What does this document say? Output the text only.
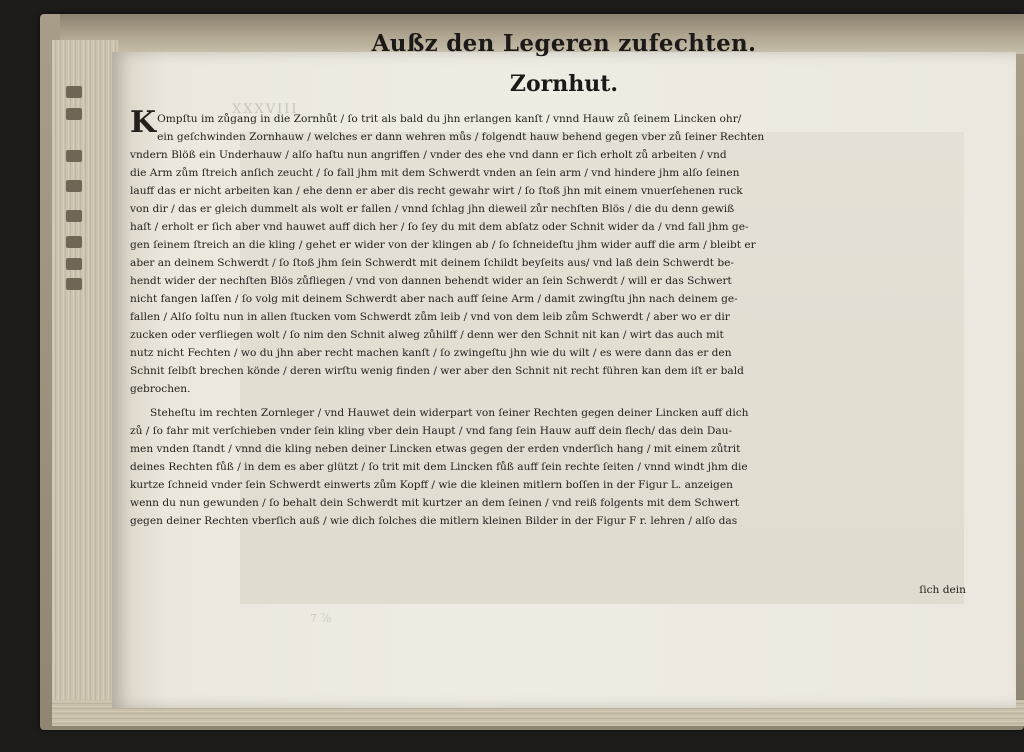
XXXVIII
7 ⅞
Außz den Legeren zufechten.
Zornhut.
K Ompſtu im zůgang in die Zornhůt / ſo trit als bald du jhn erlangen kanſt / vnnd Hauw zů ſeinem Lincken ohr/
ein geſchwinden Zornhauw / welches er dann wehren můs / folgendt hauw behend gegen vber zů ſeiner Rechten
vndern Blöß ein Underhauw / alſo haſtu nun angriffen / vnder des ehe vnd dann er ſich erholt zů arbeiten / vnd
die Arm zům ſtreich anſich zeucht / ſo fall jhm mit dem Schwerdt vnden an ſein arm / vnd hindere jhm alſo ſeinen
lauff das er nicht arbeiten kan / ehe denn er aber dis recht gewahr wirt / ſo ſtoß jhn mit einem vnuerſehenen ruck
von dir / das er gleich dummelt als wolt er fallen / vnnd ſchlag jhn dieweil zůr nechſten Blös / die du denn gewiß
haſt / erholt er ſich aber vnd hauwet auff dich her / ſo ſey du mit dem abſatz oder Schnit wider da / vnd fall jhm ge-
gen ſeinem ſtreich an die kling / gehet er wider von der klingen ab / ſo ſchneideſtu jhm wider auff die arm / bleibt er
aber an deinem Schwerdt / ſo ſtoß jhm ſein Schwerdt mit deinem ſchildt beyſeits aus/ vnd laß dein Schwerdt be-
hendt wider der nechſten Blös zůfliegen / vnd von dannen behendt wider an ſein Schwerdt / will er das Schwert
nicht fangen laſſen / ſo volg mit deinem Schwerdt aber nach auff ſeine Arm / damit zwingſtu jhn nach deinem ge-
fallen / Alſo ſoltu nun in allen ſtucken vom Schwerdt zům leib / vnd von dem leib zům Schwerdt / aber wo er dir
zucken oder verfliegen wolt / ſo nim den Schnit alweg zůhilff / denn wer den Schnit nit kan / wirt das auch mit
nutz nicht Fechten / wo du jhn aber recht machen kanſt / ſo zwingeſtu jhn wie du wilt / es were dann das er den
Schnit ſelbſt brechen könde / deren wirſtu wenig finden / wer aber den Schnit nit recht führen kan dem iſt er bald
gebrochen.
Steheſtu im rechten Zornleger / vnd Hauwet dein widerpart von ſeiner Rechten gegen deiner Lincken auff dich
zů / ſo fahr mit verſchieben vnder ſein kling vber dein Haupt / vnd fang ſein Hauw auff dein flech/ das dein Dau-
men vnden ſtandt / vnnd die kling neben deiner Lincken etwas gegen der erden vnderſich hang / mit einem zůtrit
deines Rechten fůß / in dem es aber glützt / ſo trit mit dem Lincken fůß auff ſein rechte ſeiten / vnnd windt jhm die
kurtze ſchneid vnder ſein Schwerdt einwerts zům Kopff / wie die kleinen mitlern boſſen in der Figur L. anzeigen
wenn du nun gewunden / ſo behalt dein Schwerdt mit kurtzer an dem ſeinen / vnd reiß folgents mit dem Schwert
gegen deiner Rechten vberſich auß / wie dich ſolches die mitlern kleinen Bilder in der Figur F r. lehren / alſo das
ſich dein
